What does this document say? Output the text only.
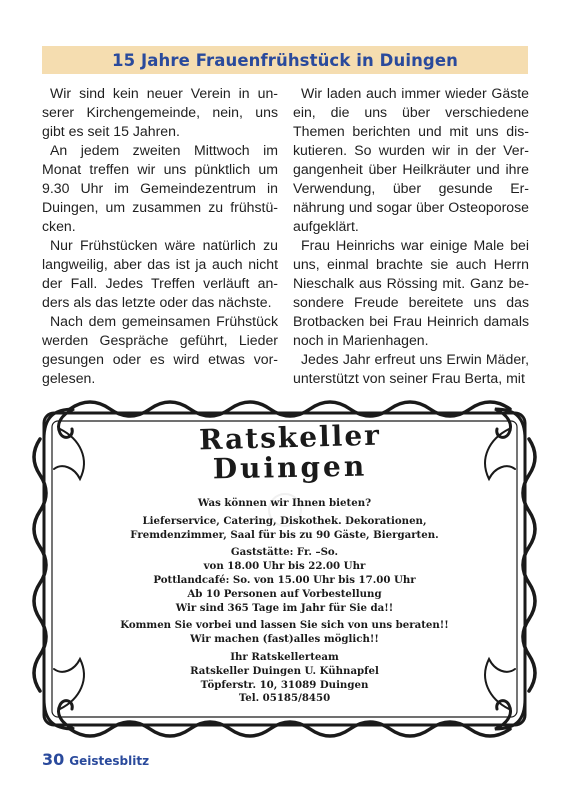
15 Jahre Frauenfrühstück in Duingen

Wir sind kein neuer Verein in unserer Kirchengemeinde, nein, uns gibt es seit 15 Jahren.

An jedem zweiten Mittwoch im Monat treffen wir uns pünktlich um 9.30 Uhr im Gemeindezentrum in Duingen, um zusammen zu frühstücken.

Nur Frühstücken wäre natürlich zu langweilig, aber das ist ja auch nicht der Fall. Jedes Treffen verläuft anders als das letzte oder das nächste.

Nach dem gemeinsamen Frühstück werden Gespräche geführt, Lieder gesungen oder es wird etwas vorgelesen.

Wir laden auch immer wieder Gäste ein, die uns über verschiedene Themen berichten und mit uns diskutieren. So wurden wir in der Vergangenheit über Heilkräuter und ihre Verwendung, über gesunde Ernährung und sogar über Osteoporose aufgeklärt.

Frau Heinrichs war einige Male bei uns, einmal brachte sie auch Herrn Nieschalk aus Rössing mit. Ganz besondere Freude bereitete uns das Brotbacken bei Frau Heinrich damals noch in Marienhagen.

Jedes Jahr erfreut uns Erwin Mäder, unterstützt von seiner Frau Berta, mit

Ratskeller
Duingen
Was können wir Ihnen bieten?
Lieferservice, Catering, Diskothek. Dekorationen,
Fremdenzimmer, Saal für bis zu 90 Gäste, Biergarten.
Gaststätte: Fr. –So.
von 18.00 Uhr bis 22.00 Uhr
Pottlandcafé: So. von 15.00 Uhr bis 17.00 Uhr
Ab 10 Personen auf Vorbestellung
Wir sind 365 Tage im Jahr für Sie da!!
Kommen Sie vorbei und lassen Sie sich von uns beraten!!
Wir machen (fast)alles möglich!!
Ihr Ratskellerteam
Ratskeller Duingen U. Kühnapfel
Töpferstr. 10, 31089 Duingen
Tel. 05185/8450
30 Geistesblitz
